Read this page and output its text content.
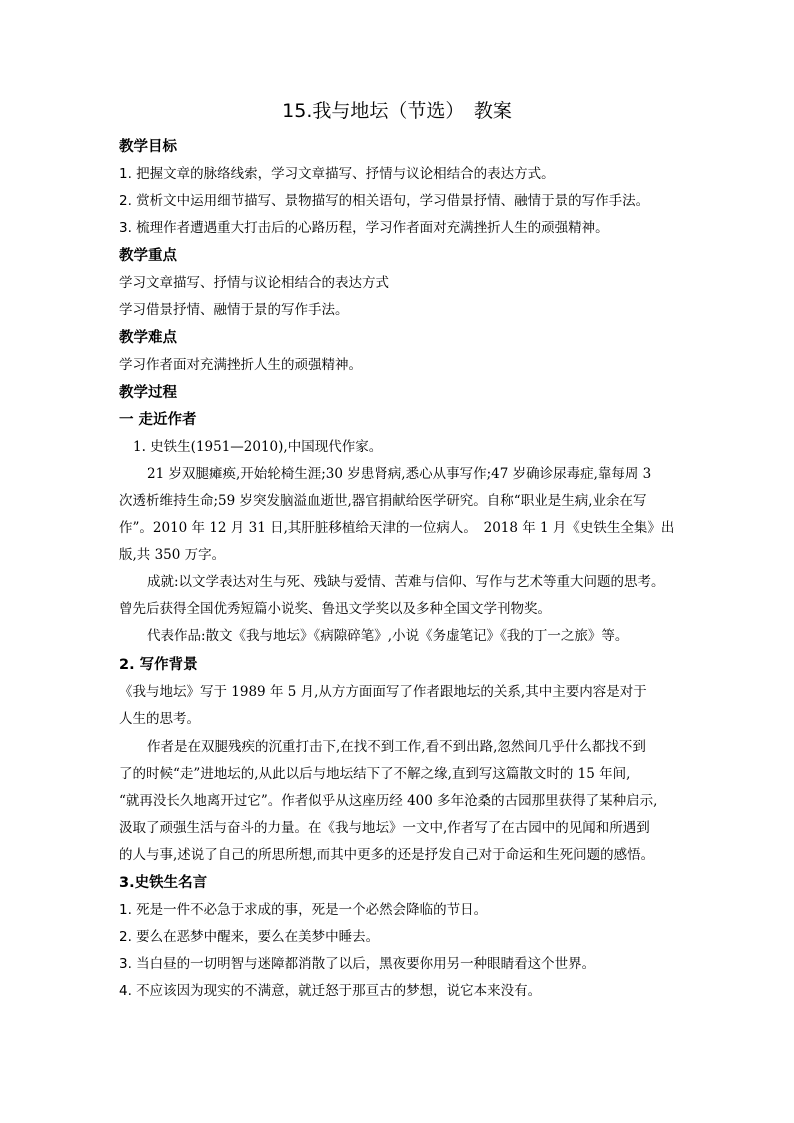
15.我与地坛（节选）　教案
教学目标
1. 把握文章的脉络线索，学习文章描写、抒情与议论相结合的表达方式。
2. 赏析文中运用细节描写、景物描写的相关语句，学习借景抒情、融情于景的写作手法。
3. 梳理作者遭遇重大打击后的心路历程，学习作者面对充满挫折人生的顽强精神。
教学重点
学习文章描写、抒情与议论相结合的表达方式
学习借景抒情、融情于景的写作手法。
教学难点
学习作者面对充满挫折人生的顽强精神。
教学过程
一 走近作者
1. 史铁生(1951—2010),中国现代作家。
21 岁双腿瘫痪,开始轮椅生涯;30 岁患肾病,悉心从事写作;47 岁确诊尿毒症,靠每周 3
次透析维持生命;59 岁突发脑溢血逝世,器官捐献给医学研究。自称“职业是生病,业余在写
作”。2010 年 12 月 31 日,其肝脏移植给天津的一位病人。　2018 年 1 月《史铁生全集》出
版,共 350 万字。
成就:以文学表达对生与死、残缺与爱情、苦难与信仰、写作与艺术等重大问题的思考。
曾先后获得全国优秀短篇小说奖、鲁迅文学奖以及多种全国文学刊物奖。
代表作品:散文《我与地坛》《病隙碎笔》,小说《务虚笔记》《我的丁一之旅》等。
2. 写作背景
《我与地坛》写于 1989 年 5 月,从方方面面写了作者跟地坛的关系,其中主要内容是对于
人生的思考。
作者是在双腿残疾的沉重打击下,在找不到工作,看不到出路,忽然间几乎什么都找不到
了的时候“走”进地坛的,从此以后与地坛结下了不解之缘,直到写这篇散文时的 15 年间,
“就再没长久地离开过它”。作者似乎从这座历经 400 多年沧桑的古园那里获得了某种启示,
汲取了顽强生活与奋斗的力量。在《我与地坛》一文中,作者写了在古园中的见闻和所遇到
的人与事,述说了自己的所思所想,而其中更多的还是抒发自己对于命运和生死问题的感悟。
3.史铁生名言
1. 死是一件不必急于求成的事，死是一个必然会降临的节日。
2. 要么在恶梦中醒来，要么在美梦中睡去。
3. 当白昼的一切明智与迷障都消散了以后，黑夜要你用另一种眼睛看这个世界。
4. 不应该因为现实的不满意，就迁怒于那亘古的梦想，说它本来没有。
